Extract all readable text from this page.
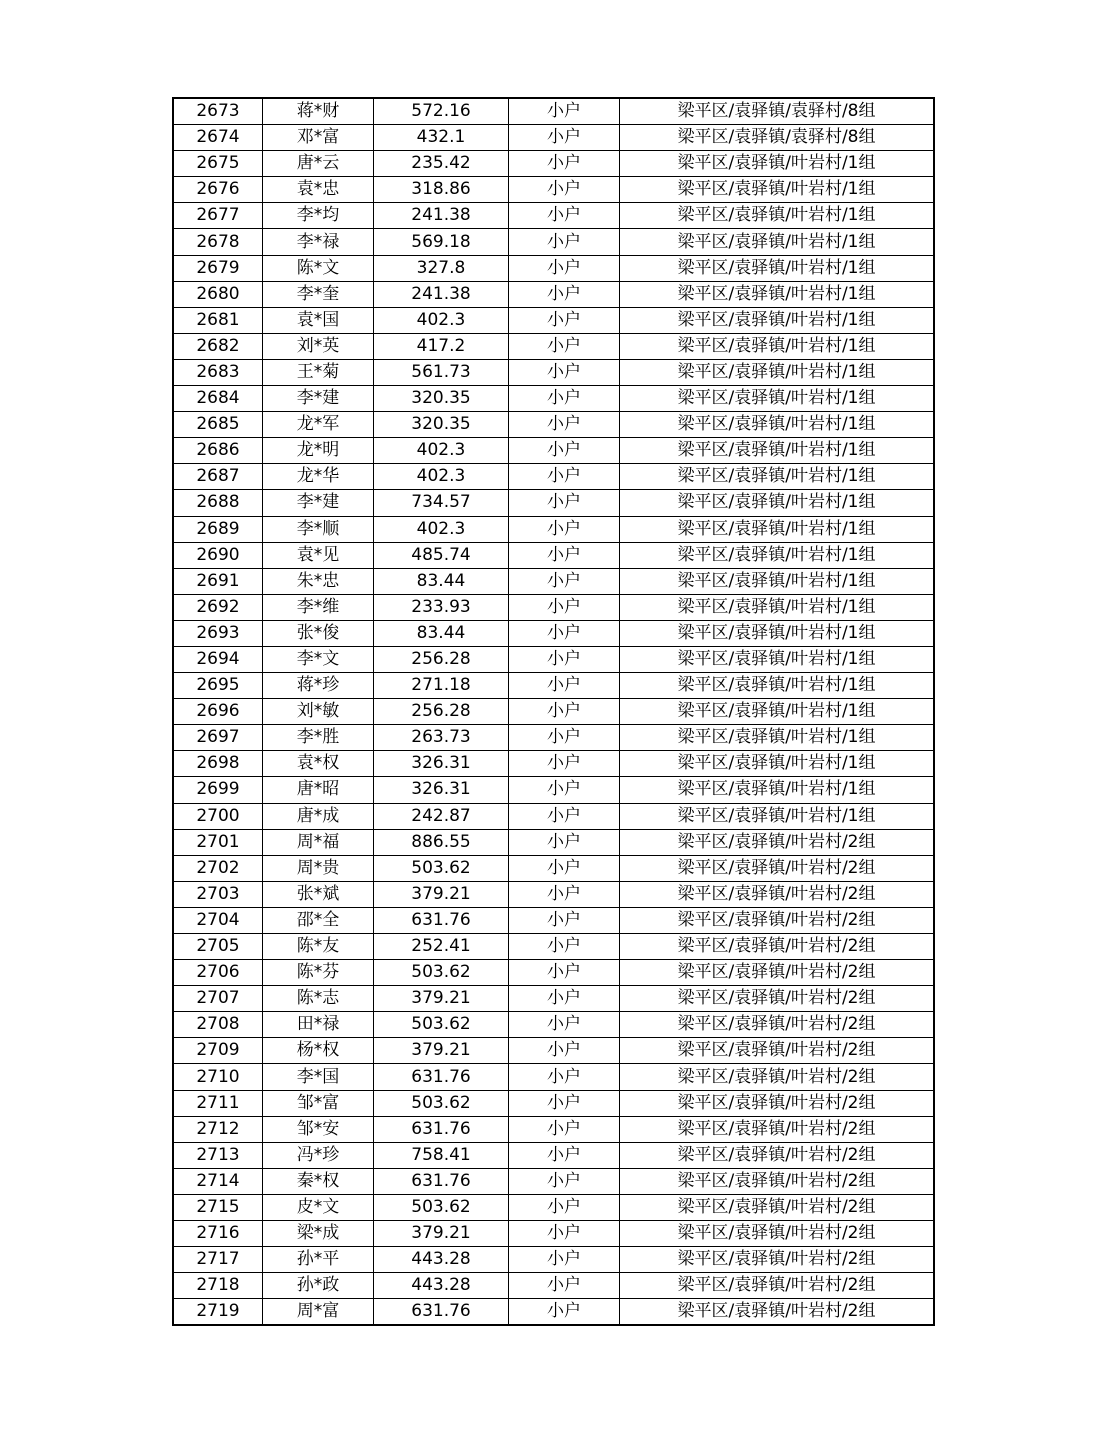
2673	蒋*财	572.16	小户	梁平区/袁驿镇/袁驿村/8组
2674	邓*富	432.1	小户	梁平区/袁驿镇/袁驿村/8组
2675	唐*云	235.42	小户	梁平区/袁驿镇/叶岩村/1组
2676	袁*忠	318.86	小户	梁平区/袁驿镇/叶岩村/1组
2677	李*均	241.38	小户	梁平区/袁驿镇/叶岩村/1组
2678	李*禄	569.18	小户	梁平区/袁驿镇/叶岩村/1组
2679	陈*文	327.8	小户	梁平区/袁驿镇/叶岩村/1组
2680	李*奎	241.38	小户	梁平区/袁驿镇/叶岩村/1组
2681	袁*国	402.3	小户	梁平区/袁驿镇/叶岩村/1组
2682	刘*英	417.2	小户	梁平区/袁驿镇/叶岩村/1组
2683	王*菊	561.73	小户	梁平区/袁驿镇/叶岩村/1组
2684	李*建	320.35	小户	梁平区/袁驿镇/叶岩村/1组
2685	龙*军	320.35	小户	梁平区/袁驿镇/叶岩村/1组
2686	龙*明	402.3	小户	梁平区/袁驿镇/叶岩村/1组
2687	龙*华	402.3	小户	梁平区/袁驿镇/叶岩村/1组
2688	李*建	734.57	小户	梁平区/袁驿镇/叶岩村/1组
2689	李*顺	402.3	小户	梁平区/袁驿镇/叶岩村/1组
2690	袁*见	485.74	小户	梁平区/袁驿镇/叶岩村/1组
2691	朱*忠	83.44	小户	梁平区/袁驿镇/叶岩村/1组
2692	李*维	233.93	小户	梁平区/袁驿镇/叶岩村/1组
2693	张*俊	83.44	小户	梁平区/袁驿镇/叶岩村/1组
2694	李*文	256.28	小户	梁平区/袁驿镇/叶岩村/1组
2695	蒋*珍	271.18	小户	梁平区/袁驿镇/叶岩村/1组
2696	刘*敏	256.28	小户	梁平区/袁驿镇/叶岩村/1组
2697	李*胜	263.73	小户	梁平区/袁驿镇/叶岩村/1组
2698	袁*权	326.31	小户	梁平区/袁驿镇/叶岩村/1组
2699	唐*昭	326.31	小户	梁平区/袁驿镇/叶岩村/1组
2700	唐*成	242.87	小户	梁平区/袁驿镇/叶岩村/1组
2701	周*福	886.55	小户	梁平区/袁驿镇/叶岩村/2组
2702	周*贵	503.62	小户	梁平区/袁驿镇/叶岩村/2组
2703	张*斌	379.21	小户	梁平区/袁驿镇/叶岩村/2组
2704	邵*全	631.76	小户	梁平区/袁驿镇/叶岩村/2组
2705	陈*友	252.41	小户	梁平区/袁驿镇/叶岩村/2组
2706	陈*芬	503.62	小户	梁平区/袁驿镇/叶岩村/2组
2707	陈*志	379.21	小户	梁平区/袁驿镇/叶岩村/2组
2708	田*禄	503.62	小户	梁平区/袁驿镇/叶岩村/2组
2709	杨*权	379.21	小户	梁平区/袁驿镇/叶岩村/2组
2710	李*国	631.76	小户	梁平区/袁驿镇/叶岩村/2组
2711	邹*富	503.62	小户	梁平区/袁驿镇/叶岩村/2组
2712	邹*安	631.76	小户	梁平区/袁驿镇/叶岩村/2组
2713	冯*珍	758.41	小户	梁平区/袁驿镇/叶岩村/2组
2714	秦*权	631.76	小户	梁平区/袁驿镇/叶岩村/2组
2715	皮*文	503.62	小户	梁平区/袁驿镇/叶岩村/2组
2716	梁*成	379.21	小户	梁平区/袁驿镇/叶岩村/2组
2717	孙*平	443.28	小户	梁平区/袁驿镇/叶岩村/2组
2718	孙*政	443.28	小户	梁平区/袁驿镇/叶岩村/2组
2719	周*富	631.76	小户	梁平区/袁驿镇/叶岩村/2组
